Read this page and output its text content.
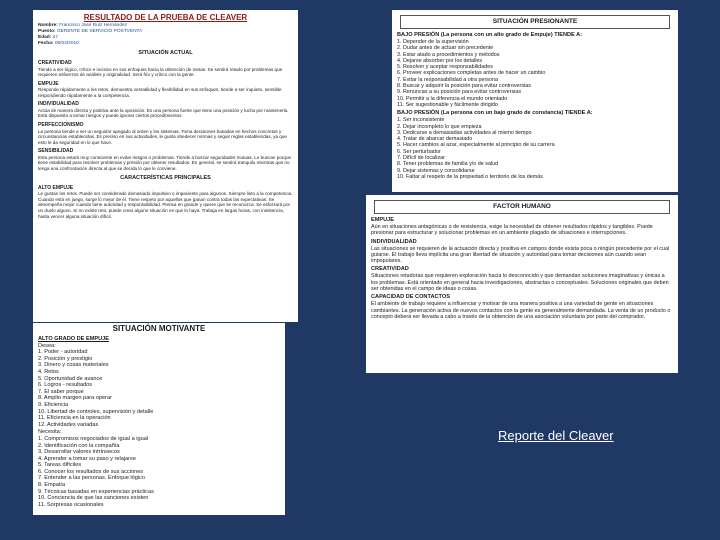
RESULTADO DE LA PRUEBA DE CLEAVER
Nombre: Francisco José Ruiz Hernández
Puesto: GERENTE DE SERVICIO POSTVENTA
Edad: 47
Fecha: 05/03/2010
SITUACIÓN ACTUAL
CREATIVIDAD
Tiende a ser lógico, crítico e incisivo en sus enfoques hacia la obtención de metas. Se sentirá retado por problemas que requieren esfuerzos de análisis y originalidad. Será frío y crítico con la gente.
EMPUJE
Responde rápidamente a los retos, demuestra versatilidad y flexibilidad en sus enfoques, tiende a ser inquieto, sensible respondiendo rápidamente a la competencia.
INDIVIDUALIDAD
Actúa de manera directa y positiva ante la oposición. Es una persona fuerte que tiene una posición y lucha por mantenerla. Está dispuesto a tomar riesgos y puede ignorar ciertos procedimientos.
PERFECCIONISMO
La persona tiende a ser un seguidor apegado al orden y los sistemas. Toma decisiones basadas en hechos concretos y circunstancias establecidas. Es preciso en sus actividades, le gusta obedecer normas y seguir reglas establecidas, ya que esto le da seguridad en lo que hace.
SENSIBILIDAD
Esta persona estará muy consciente en evitar riesgos o problemas. Tiende a buscar seguridades mutuas. Le buscan porque tiene estabilidad para resolver problemas y presión por obtener resultados. En general, se sentirá tranquilo mientras que no tenga una confrontación directa al que se decida lo que le conviene.
CARACTERÍSTICAS PRINCIPALES
ALTO EMPUJE
Le gustan los retos. Puede ser considerado demasiado impulsivo o impaciente para algunos. Siempre listo a la competencia. Cuando está en juego, surge lo mejor de él. Tiene respeto por aquellos que ganan contra todas las expectativas. Se desempeña mejor cuando tiene autoridad y responsabilidad. Piensa en grande y quiere que se reconozca. Se esforzará por un duelo alguno. Si no existe reto, puede crear alguno situación en que lo haya. Trabaja en largas horas, con insistencia, hasta vencer alguna situación difícil.
SITUACIÓN MOTIVANTE
ALTO GRADO DE EMPUJE
Desea:
1. Poder - autoridad
2. Posición y prestigio
3. Dinero y cosas materiales
4. Retos
5. Oportunidad de avance
6. Logros - resultados
7. El saber porque
8. Amplio margen para operar
9. Eficiencia
10. Libertad de controles, supervisión y detalle
11. Eficiencia en la operación
12. Actividades variadas
Necesita:
1. Compromisos negociados de igual a igual
2. Identificación con la compañía
3. Desarrollar valores intrínsecos
4. Aprender a tomar su paso y relajarse
5. Tareas difíciles
6. Conocer los resultados de sus acciones
7. Entender a las personas. Enfoque lógico
8. Empatía
9. Técnicas basadas en experiencias prácticas
10. Conciencia de que las sanciones existen
11. Sorpresas ocasionales
SITUACIÓN PRESIONANTE
BAJO PRESIÓN (La persona con un alto grado de Empuje) TIENDE A:
1. Depender de la supervisión
2. Dudar antes de actuar sin precedente
3. Estar atado a procedimientos y métodos
4. Dejarse absorber por los detalles
5. Resolver y aceptar responsabilidades
6. Proveer explicaciones completas antes de hacer un cambio
7. Evitar la responsabilidad a otra persona
8. Buscar y adquirir la posición para evitar controversias
9. Renunciar a su posición para evitar controversias
10. Permitir a la diferencia el mundo orientado
11. Ser sugestionable y fácilmente dirigido
BAJO PRESIÓN (La persona con un bajo grado de constancia) TIENDE A:
1. Ser inconsistente
2. Dejar incompleto lo que empieza
3. Dedicarse a demasiadas actividades al mismo tiempo
4. Tratar de abarcar demasiado
5. Hacer cambios al azar, especialmente al principio de su carrera
6. Ser perturbador
7. Difícil de localizar
8. Tener problemas de familia y/o de salud
9. Dejar sistemas y consolidarse
10. Faltar al respeto de la propiedad o territorio de los demás
FACTOR HUMANO
EMPUJE
Aún en situaciones antagónicas o de resistencia, exige la necesidad de obtener resultados rápidos y tangibles. Puede presionar para estructurar y solucionar problemas en un ambiente plagado de situaciones e interrupciones.
INDIVIDUALIDAD
Las situaciones se requieren de la actuación directa y positiva en campos donde exista poca o ningún precedente por el cual guiarse. El trabajo lleva implícita una gran libertad de situación y autoridad para tomar decisiones aún cuando sean impopulares.
CREATIVIDAD
Situaciones retadoras que requieren exploración hacia lo desconocido y que demandan soluciones imaginativas y únicas a los problemas. Está orientado en general hacia investigaciones, abstractas o conceptuales. Soluciones originales que deben ser obtenidas en el campo de ideas o cosas.
CAPACIDAD DE CONTACTOS
El ambiente de trabajo requiere a influenciar y motivar de una manera positiva a una variedad de gente en situaciones cambiantes. La generación activa de nuevos contactos con la gente es generalmente demandada. La venta de un producto o concepto deberá ser llevada a cabo a través de la obtención de una asociación voluntaria por parte del comprador.
Reporte del Cleaver
